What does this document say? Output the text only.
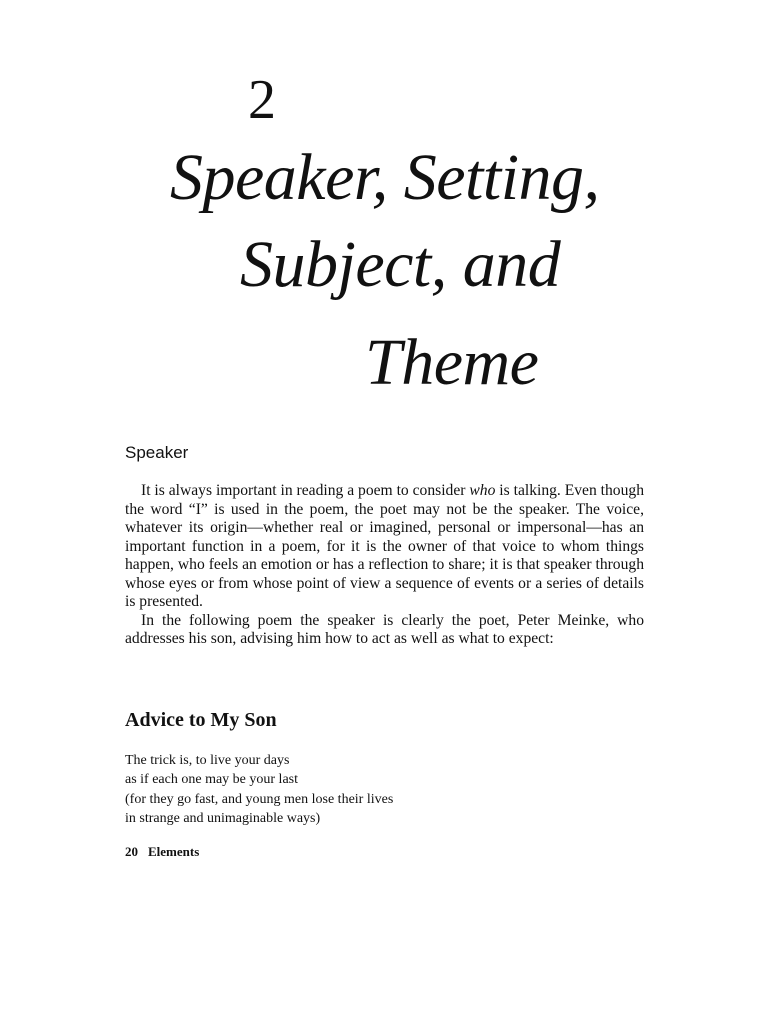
2
Speaker, Setting,
Subject, and
Theme
Speaker

It is always important in reading a poem to consider who is talking. Even though the word “I” is used in the poem, the poet may not be the speaker. The voice, whatever its origin—whether real or imagined, personal or impersonal—has an important function in a poem, for it is the owner of that voice to whom things happen, who feels an emotion or has a reflection to share; it is that speaker through whose eyes or from whose point of view a sequence of events or a series of details is presented.

In the following poem the speaker is clearly the poet, Peter Meinke, who addresses his son, advising him how to act as well as what to expect:

Advice to My Son
The trick is, to live your days
as if each one may be your last
(for they go fast, and young men lose their lives
in strange and unimaginable ways)
20 Elements
